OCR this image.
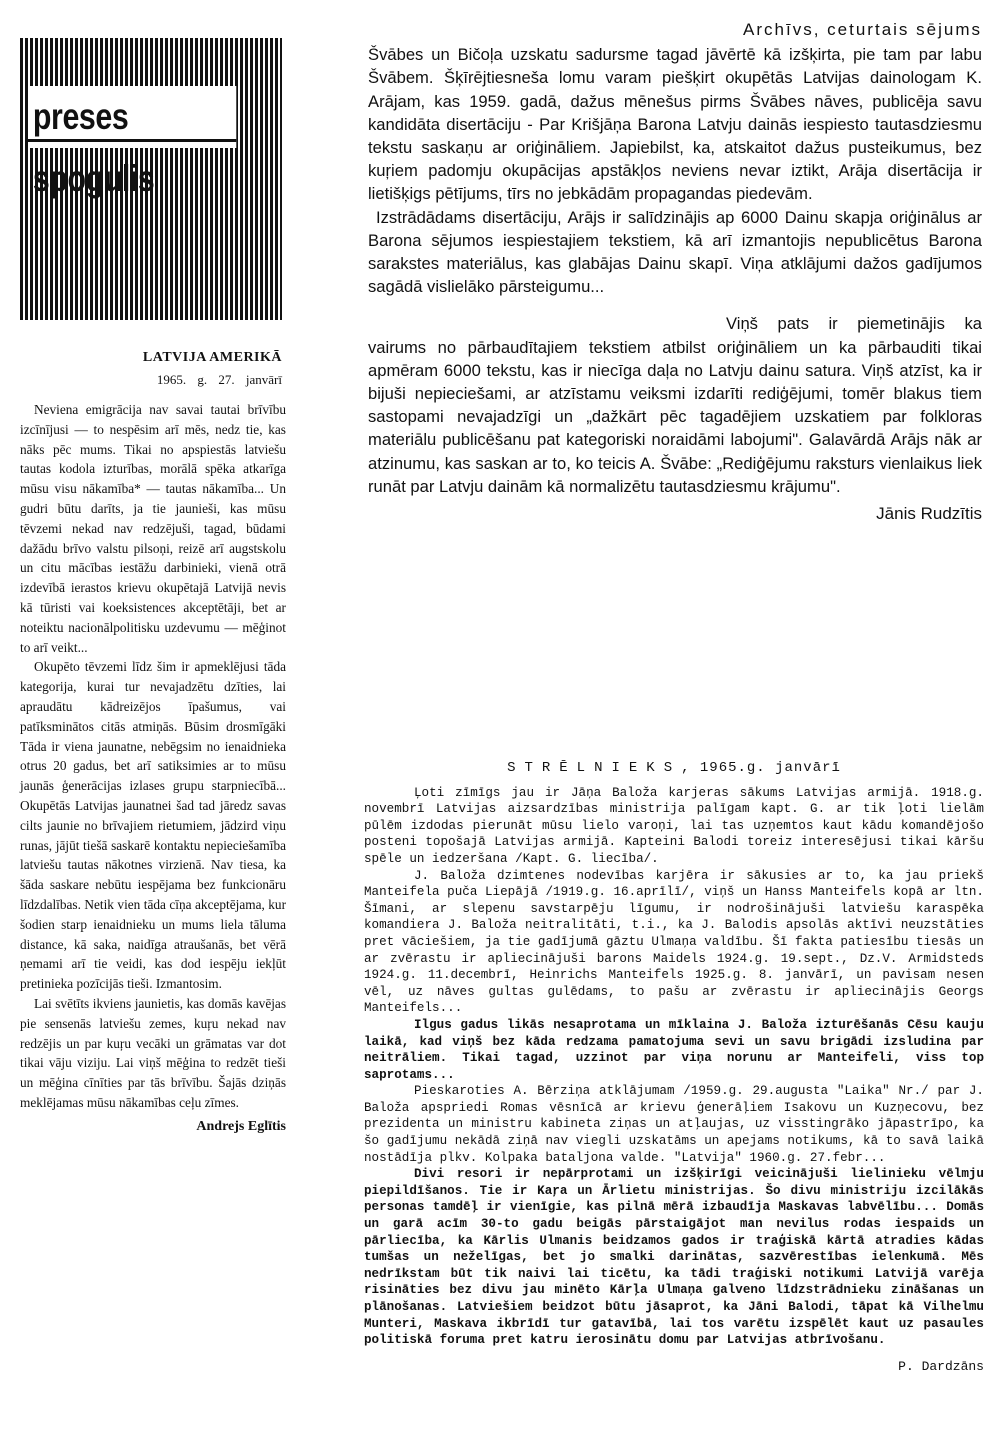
preses spogulis
LATVIJA AMERIKĀ
1965. g. 27. janvārī

Neviena emigrācija nav savai tautai brīvību izcīnījusi — to nespēsim arī mēs, nedz tie, kas nāks pēc mums. Tikai no apspiestās latviešu tautas kodola izturības, morālā spēka atkarīga mūsu visu nākamība* — tautas nākamība... Un gudri būtu darīts, ja tie jaunieši, kas mūsu tēvzemi nekad nav redzējuši, tagad, būdami dažādu brīvo valstu pilsoņi, reizē arī augstskolu un citu mācības iestāžu darbinieki, vienā otrā izdevībā ierastos krievu okupētajā Latvijā nevis kā tūristi vai koeksistences akceptētāji, bet ar noteiktu nacionālpolitisku uzdevumu — mēģinot to arī veikt...

Okupēto tēvzemi līdz šim ir apmeklējusi tāda kategorija, kurai tur nevajadzētu dzīties, lai apraudātu kādreizējos īpašumus, vai patīksminātos citās atmiņās. Būsim drosmīgāki Tāda ir viena jaunatne, nebēgsim no ienaidnieka otrus 20 gadus, bet arī satiksimies ar to mūsu jaunās ģenerācijas izlases grupu starpniecībā... Okupētās Latvijas jaunatnei šad tad jāredz savas cilts jaunie no brīvajiem rietumiem, jādzird viņu runas, jājūt tiešā saskarē kontaktu nepieciešamība latviešu tautas nākotnes virzienā. Nav tiesa, ka šāda saskare nebūtu iespējama bez funkcionāru līdzdalības. Netik vien tāda cīņa akceptējama, kur šodien starp ienaidnieku un mums liela tāluma distance, kā saka, naidīga atraušanās, bet vērā ņemami arī tie veidi, kas dod iespēju iekļūt pretinieka pozīcijās tieši. Izmantosim.

Lai svētīts ikviens jaunietis, kas domās kavējas pie sensenās latviešu zemes, kuŗu nekad nav redzējis un par kuŗu vecāki un grāmatas var dot tikai vāju viziju. Lai viņš mēģina to redzēt tieši un mēģina cīnīties par tās brīvību. Šajās dziņās meklējamas mūsu nākamības ceļu zīmes.

Andrejs Eglītis
Archīvs, ceturtais sējums

Švābes un Bičoļa uzskatu sadursme tagad jāvērtē kā izšķirta, pie tam par labu Švābem. Šķīrējtiesneša lomu varam piešķirt okupētās Latvijas dainologam K. Arājam, kas 1959. gadā, dažus mēnešus pirms Švābes nāves, publicēja savu kandidāta disertāciju - Par Krišjāņa Barona Latvju dainās iespiesto tautasdziesmu tekstu saskaņu ar oriģināliem. Japiebilst, ka, atskaitot dažus pusteikumus, bez kuŗiem padomju okupācijas apstākļos neviens nevar iztikt, Arāja disertācija ir lietišķigs pētījums, tīrs no jebkādām propagandas piedevām.

Izstrādādams disertāciju, Arājs ir salīdzinājis ap 6000 Dainu skapja oriģinālus ar Barona sējumos iespiestajiem tekstiem, kā arī izmantojis nepublicētus Barona sarakstes materiālus, kas glabājas Dainu skapī. Viņa atklājumi dažos gadījumos sagādā vislielāko pārsteigumu...

Viņš pats ir piemetinājis ka vairums no pārbaudītajiem tekstiem atbilst oriģināliem un ka pārbauditi tikai apmēram 6000 tekstu, kas ir niecīga daļa no Latvju dainu satura. Viņš atzīst, ka ir bijuši nepieciešami, ar atzīstamu veiksmi izdarīti rediģējumi, tomēr blakus tiem sastopami nevajadzīgi un „dažkārt pēc tagadējiem uzskatiem par folkloras materiālu publicēšanu pat kategoriski noraidāmi labojumi". Galavārdā Arājs nāk ar atzinumu, kas saskan ar to, ko teicis A. Švābe: „Rediģējumu raksturs vienlaikus liek runāt par Latvju dainām kā normalizētu tautasdziesmu krājumu".

Jānis Rudzītis
STRĒLNIEKS, 1965.g. janvārī

Ļoti zīmīgs jau ir Jāņa Baloža karjeras sākums Latvijas armijā. 1918.g. novembrī Latvijas aizsardzības ministrija palīgam kapt. G. ar tik ļoti lielām pūlēm izdodas pierunāt mūsu lielo varoņi, lai tas uzņemtos kaut kādu komandējošo posteni topošajā Latvijas armijā. Kapteini Balodi toreiz interesējusi tikai kāršu spēle un iedzeršana /Kapt. G. liecība/.

J. Baloža dzimtenes nodevības karjēra ir sākusies ar to, ka jau priekš Manteifela puča Liepājā /1919.g. 16.aprīlī/, viņš un Hanss Manteifels kopā ar ltn. Šīmani, ar slepenu savstarpēju līgumu, ir nodrošinājuši latviešu karaspēka komandiera J. Baloža neitralitāti, t.i., ka J. Balodis apsolās aktīvi neuzstāties pret vāciešiem, ja tie gadījumā gāztu Ulmaņa valdību. Šī fakta patiesību tiesās un ar zvērastu ir apliecinājuši barons Maidels 1924.g. 19.sept., Dz.V. Armidsteds 1924.g. 11.decembrī, Heinrichs Manteifels 1925.g. 8. janvārī, un pavisam nesen vēl, uz nāves gultas gulēdams, to pašu ar zvērastu ir apliecinājis Georgs Manteifels...

Ilgus gadus likās nesaprotama un mīklaina J. Baloža izturēšanās Cēsu kauju laikā, kad viņš bez kāda redzama pamatojuma sevi un savu brigādi izsludina par neitrāliem. Tikai tagad, uzzinot par viņa norunu ar Manteifeli, viss top saprotams...

Pieskaroties A. Bērziņa atklājumam /1959.g. 29.augusta "Laika" Nr./ par J. Baloža apspriedi Romas vēsnīcā ar krievu ģenerāļiem Isakovu un Kuzņecovu, bez prezidenta un ministru kabineta ziņas un atļaujas, uz visstingrāko jāpastrīpo, ka šo gadījumu nekādā ziņā nav viegli uzskatāms un apejams notikums, kā to savā laikā nostādīja plkv. Kolpaka bataljona valde. "Latvija" 1960.g. 27.febr...

Divi resori ir nepārprotami un izšķirīgi veicinājuši lielinieku vēlmju piepildīšanos. Tie ir Kaŗa un Ārlietu ministrijas. Šo divu ministriju izcilākās personas tamdēļ ir vienīgie, kas pilnā mērā izbaudīja Maskavas labvēlību... Domās un garā acīm 30-to gadu beigās pārstaigājot man nevilus rodas iespaids un pārliecība, ka Kārlis Ulmanis beidzamos gados ir traģiskā kārtā atradies kādas tumšas un neželīgas, bet jo smalki darinātas, sazvērestības ielenkumā. Mēs nedrīkstam būt tik naivi lai ticētu, ka tādi traģiski notikumi Latvijā varēja risināties bez divu jau minēto Kārļa Ulmaņa galveno līdzstrādnieku zināšanas un plānošanas. Latviešiem beidzot būtu jāsaprot, ka Jāni Balodi, tāpat kā Vilhelmu Munteri, Maskava ikbrīdī tur gatavībā, lai tos varētu izspēlēt kaut uz pasaules politiskā foruma pret katru ierosinātu domu par Latvijas atbrīvošanu.

P. Dardzāns
